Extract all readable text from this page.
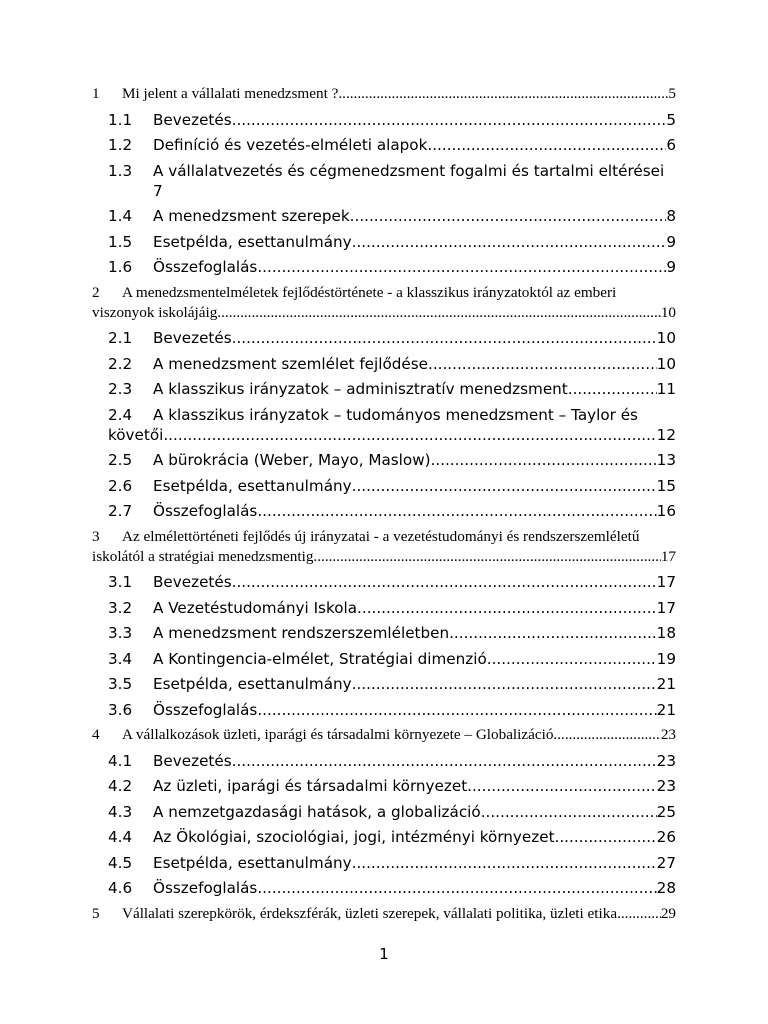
1	Mi jelent a vállalati menedzsment ? .....	5
1.1	Bevezetés .....	5
1.2	Definíció és vezetés-elméleti alapok .....	6
1.3	A vállalatvezetés és cégmenedzsment fogalmi és tartalmi eltérései
7
1.4	A menedzsment szerepek .....	8
1.5	Esetpélda, esettanulmány .....	9
1.6	Összefoglalás .....	9
2	A menedzsmentelméletek fejlődéstörténete - a klasszikus irányzatoktól az emberi
viszonyok iskolájáig .....	10
2.1	Bevezetés .....	10
2.2	A menedzsment szemlélet fejlődése .....	10
2.3	A klasszikus irányzatok – adminisztratív menedzsment .....	11
2.4	A klasszikus irányzatok – tudományos menedzsment – Taylor és
követői .....	12
2.5	A bürokrácia (Weber, Mayo, Maslow) .....	13
2.6	Esetpélda, esettanulmány .....	15
2.7	Összefoglalás .....	16
3	Az elmélettörténeti fejlődés új irányzatai - a vezetéstudományi és rendszerszemléletű
iskolától a stratégiai menedzsmentig .....	17
3.1	Bevezetés .....	17
3.2	A Vezetéstudományi Iskola .....	17
3.3	A menedzsment rendszerszemléletben .....	18
3.4	A Kontingencia-elmélet, Stratégiai dimenzió .....	19
3.5	Esetpélda, esettanulmány .....	21
3.6	Összefoglalás .....	21
4	A vállalkozások üzleti, iparági és társadalmi környezete – Globalizáció .....	23
4.1	Bevezetés .....	23
4.2	Az üzleti, iparági és társadalmi környezet .....	23
4.3	A nemzetgazdasági hatások, a globalizáció .....	25
4.4	Az Ökológiai, szociológiai, jogi, intézményi környezet .....	26
4.5	Esetpélda, esettanulmány .....	27
4.6	Összefoglalás .....	28
5	Vállalati szerepkörök, érdekszférák, üzleti szerepek, vállalati politika, üzleti etika .....	29
1
